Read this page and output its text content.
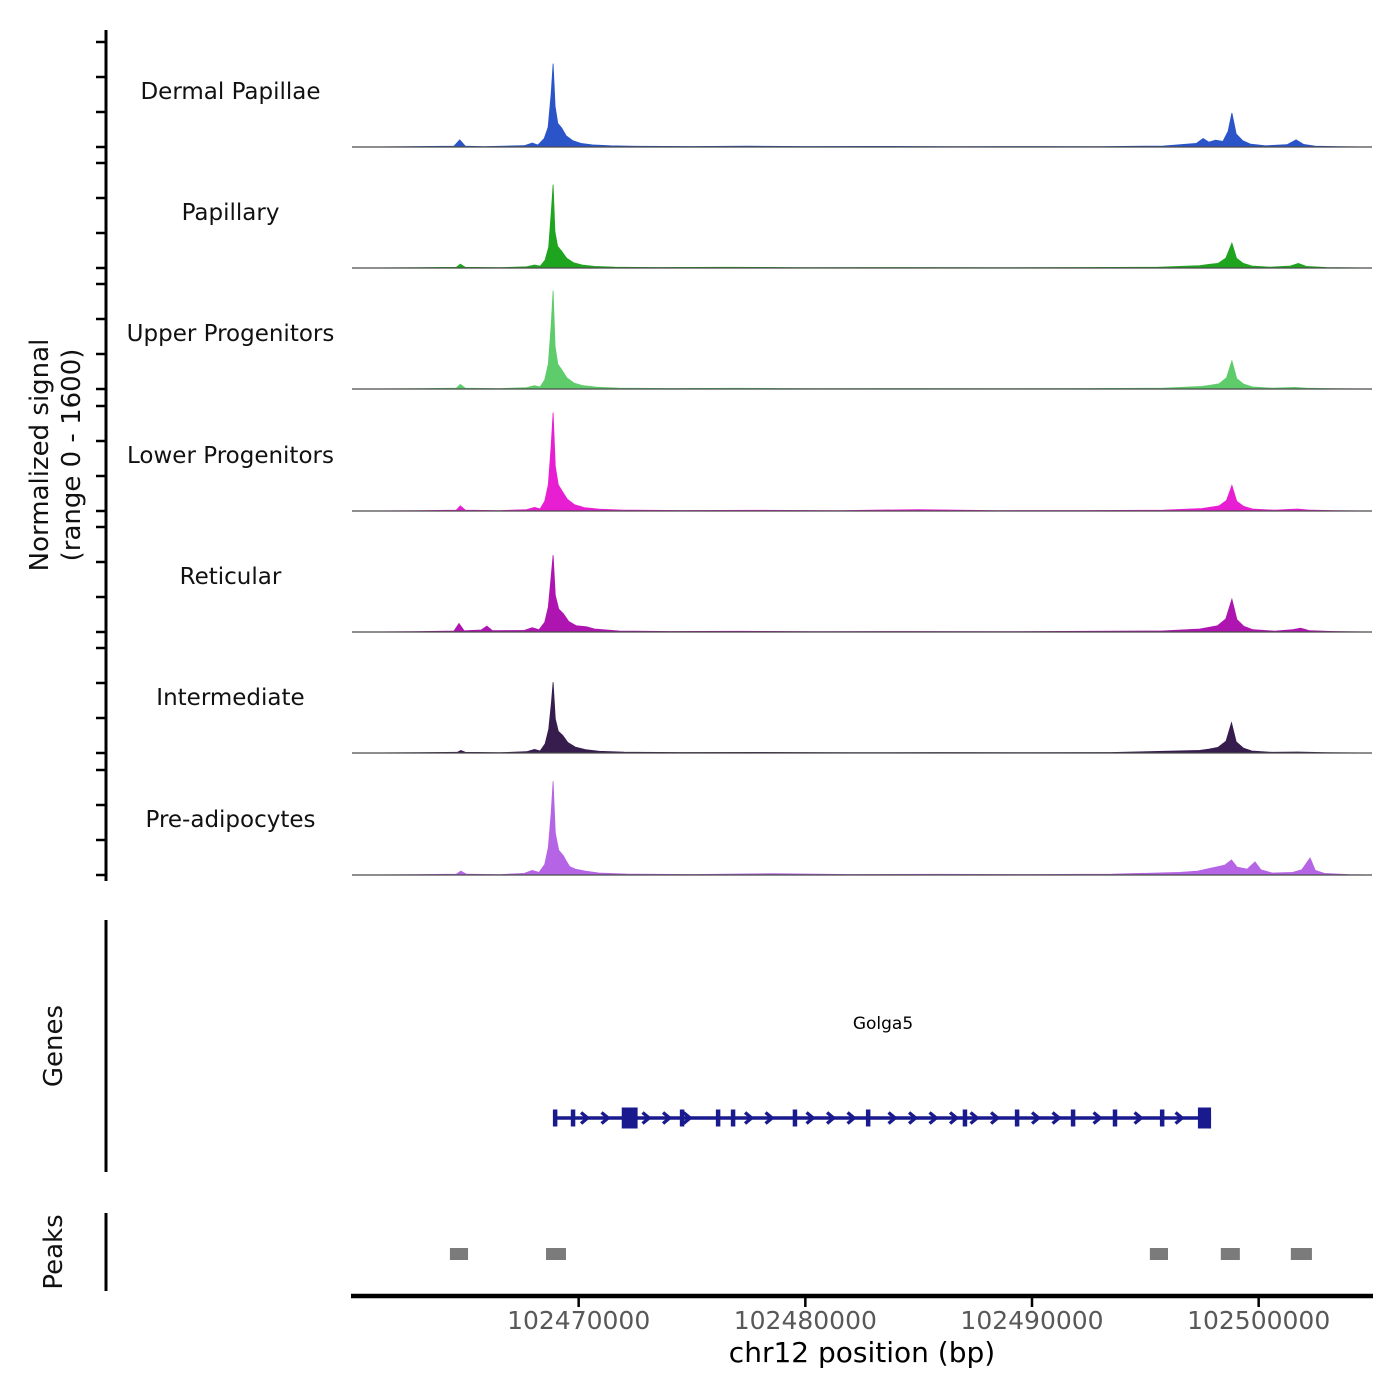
Dermal Papillae
Papillary
Upper Progenitors
Lower Progenitors
Reticular
Intermediate
Pre-adipocytes
Normalized signal (range 0 - 1600)
Genes
Peaks
Golga5
102470000	102480000	102490000	102500000
chr12 position (bp)
